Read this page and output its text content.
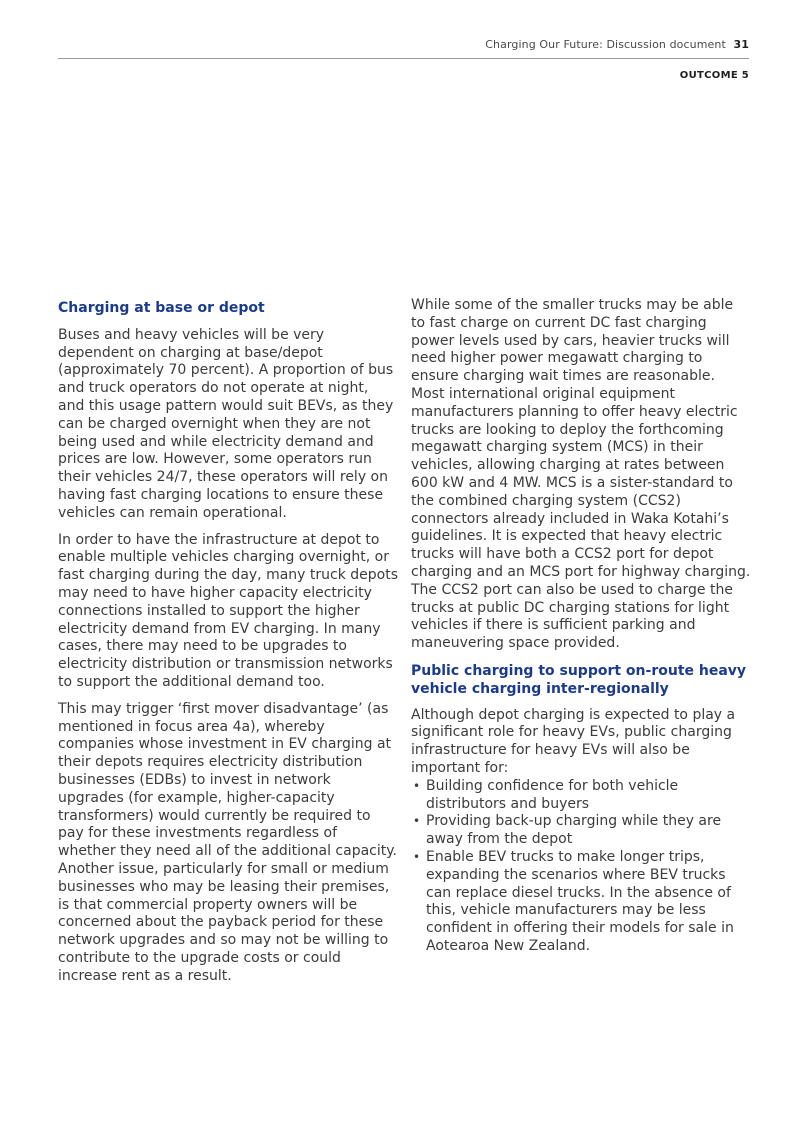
Charging Our Future: Discussion document 31
OUTCOME 5
Charging at base or depot

Buses and heavy vehicles will be very dependent on charging at base/depot (approximately 70 percent). A proportion of bus and truck operators do not operate at night, and this usage pattern would suit BEVs, as they can be charged overnight when they are not being used and while electricity demand and prices are low. However, some operators run their vehicles 24/7, these operators will rely on having fast charging locations to ensure these vehicles can remain operational.

In order to have the infrastructure at depot to enable multiple vehicles charging overnight, or fast charging during the day, many truck depots may need to have higher capacity electricity connections installed to support the higher electricity demand from EV charging. In many cases, there may need to be upgrades to electricity distribution or transmission networks to support the additional demand too.

This may trigger ‘first mover disadvantage’ (as mentioned in focus area 4a), whereby companies whose investment in EV charging at their depots requires electricity distribution businesses (EDBs) to invest in network upgrades (for example, higher-capacity transformers) would currently be required to pay for these investments regardless of whether they need all of the additional capacity. Another issue, particularly for small or medium businesses who may be leasing their premises, is that commercial property owners will be concerned about the payback period for these network upgrades and so may not be willing to contribute to the upgrade costs or could increase rent as a result.

While some of the smaller trucks may be able to fast charge on current DC fast charging power levels used by cars, heavier trucks will need higher power megawatt charging to ensure charging wait times are reasonable. Most international original equipment manufacturers planning to offer heavy electric trucks are looking to deploy the forthcoming megawatt charging system (MCS) in their vehicles, allowing charging at rates between 600 kW and 4 MW. MCS is a sister-standard to the combined charging system (CCS2) connectors already included in Waka Kotahi’s guidelines. It is expected that heavy electric trucks will have both a CCS2 port for depot charging and an MCS port for highway charging. The CCS2 port can also be used to charge the trucks at public DC charging stations for light vehicles if there is sufficient parking and maneuvering space provided.

Public charging to support on-route heavy vehicle charging inter-regionally

Although depot charging is expected to play a significant role for heavy EVs, public charging infrastructure for heavy EVs will also be important for:

• Building confidence for both vehicle distributors and buyers
• Providing back-up charging while they are away from the depot
• Enable BEV trucks to make longer trips, expanding the scenarios where BEV trucks can replace diesel trucks. In the absence of this, vehicle manufacturers may be less confident in offering their models for sale in Aotearoa New Zealand.
